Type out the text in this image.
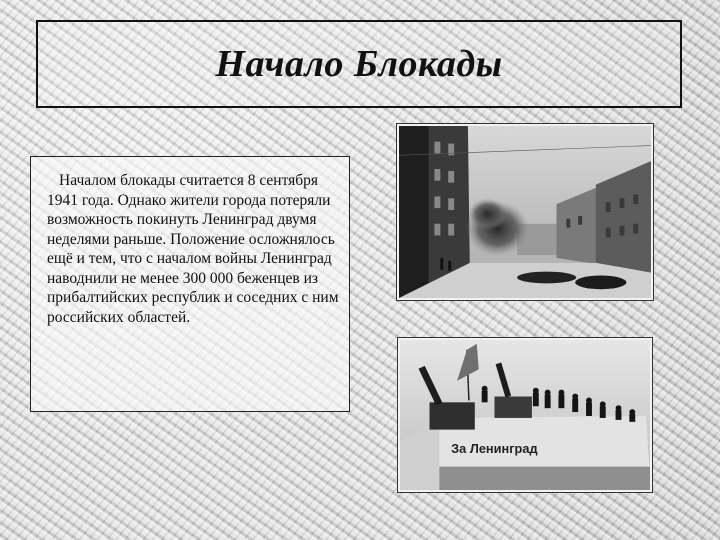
Начало Блокады

Началом блокады считается 8 сентября 1941 года. Однако жители города потеряли возможность покинуть Ленинград двумя неделями раньше. Положение осложнялось ещё и тем, что с началом войны Ленинград наводнили не менее 300 000 беженцев из прибалтийских республик и соседних с ним российских областей.

За Ленинград
